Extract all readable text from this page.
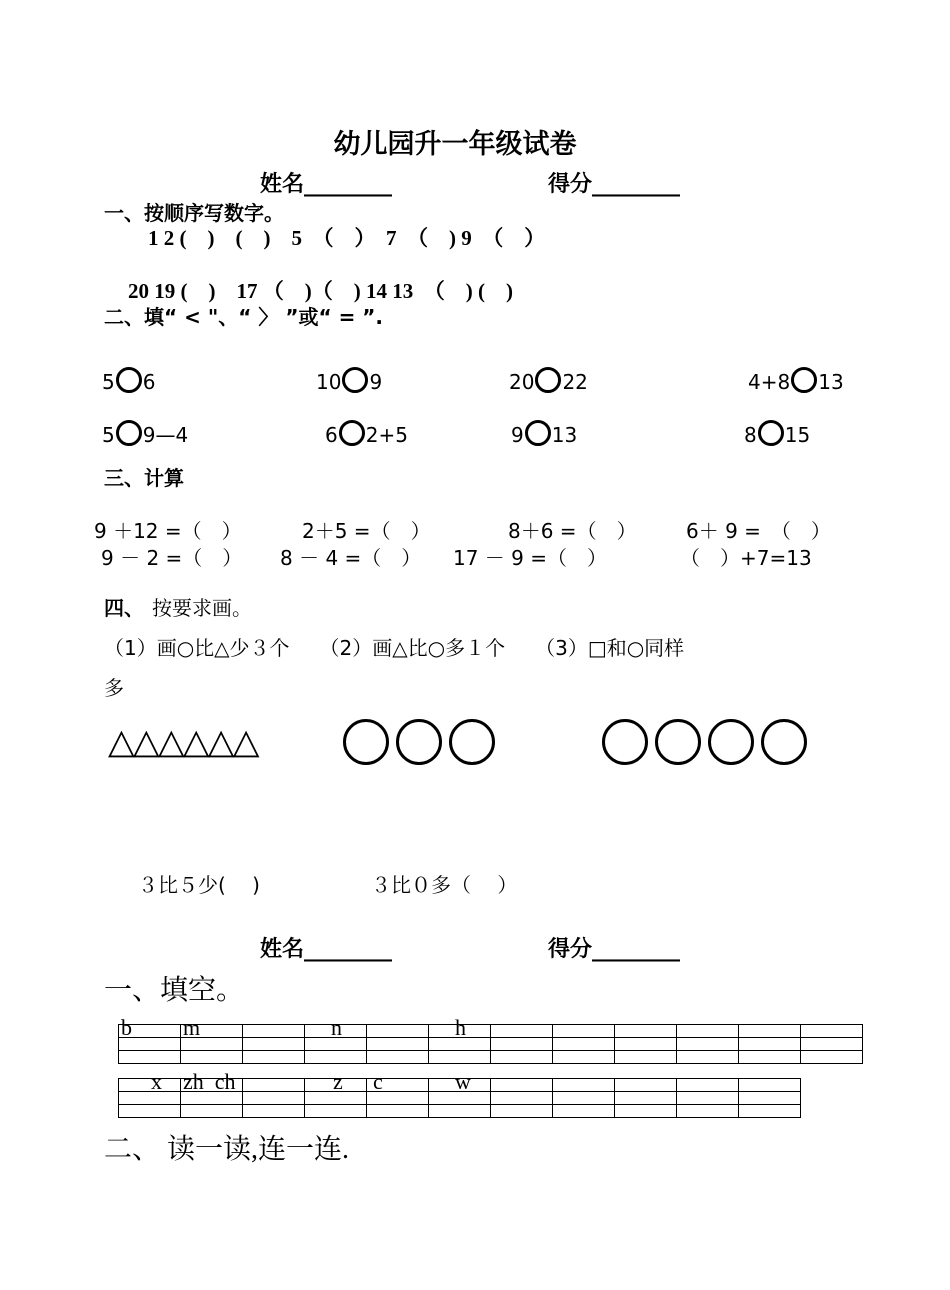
幼儿园升一年级试卷
姓名________	得分________
一、按顺序写数字。
1 2 (　)　(　)　5　（　）　7　（　) 9　（　）
20 19 (　)　17 （　)（　) 14 13　（　) (　)
二、填“ < "、“ 〉 ”或“ = ”.
5 6	10 9	20 22	4+8 13
5 9—4	6 2+5	9 13	8 15
三、计算
9 ＋12 =（　）	2＋5 =（　）	8＋6 =（　） 6＋ 9 =　（　）
9 － 2 =（　） 8 － 4 =（　） 17 － 9 =（　）	（　）+7=13
四、 按要求画。
（1）画○比△少３个　　（2）画△比○多１个　　（3）□和○同样
多
△△△△△△
３比５少(　 )	３比０多（　 ）
姓名________	得分________
一、填空。
b	m		n		h						

x	zh  ch		z	c	w					

二、 读一读,连一连.
